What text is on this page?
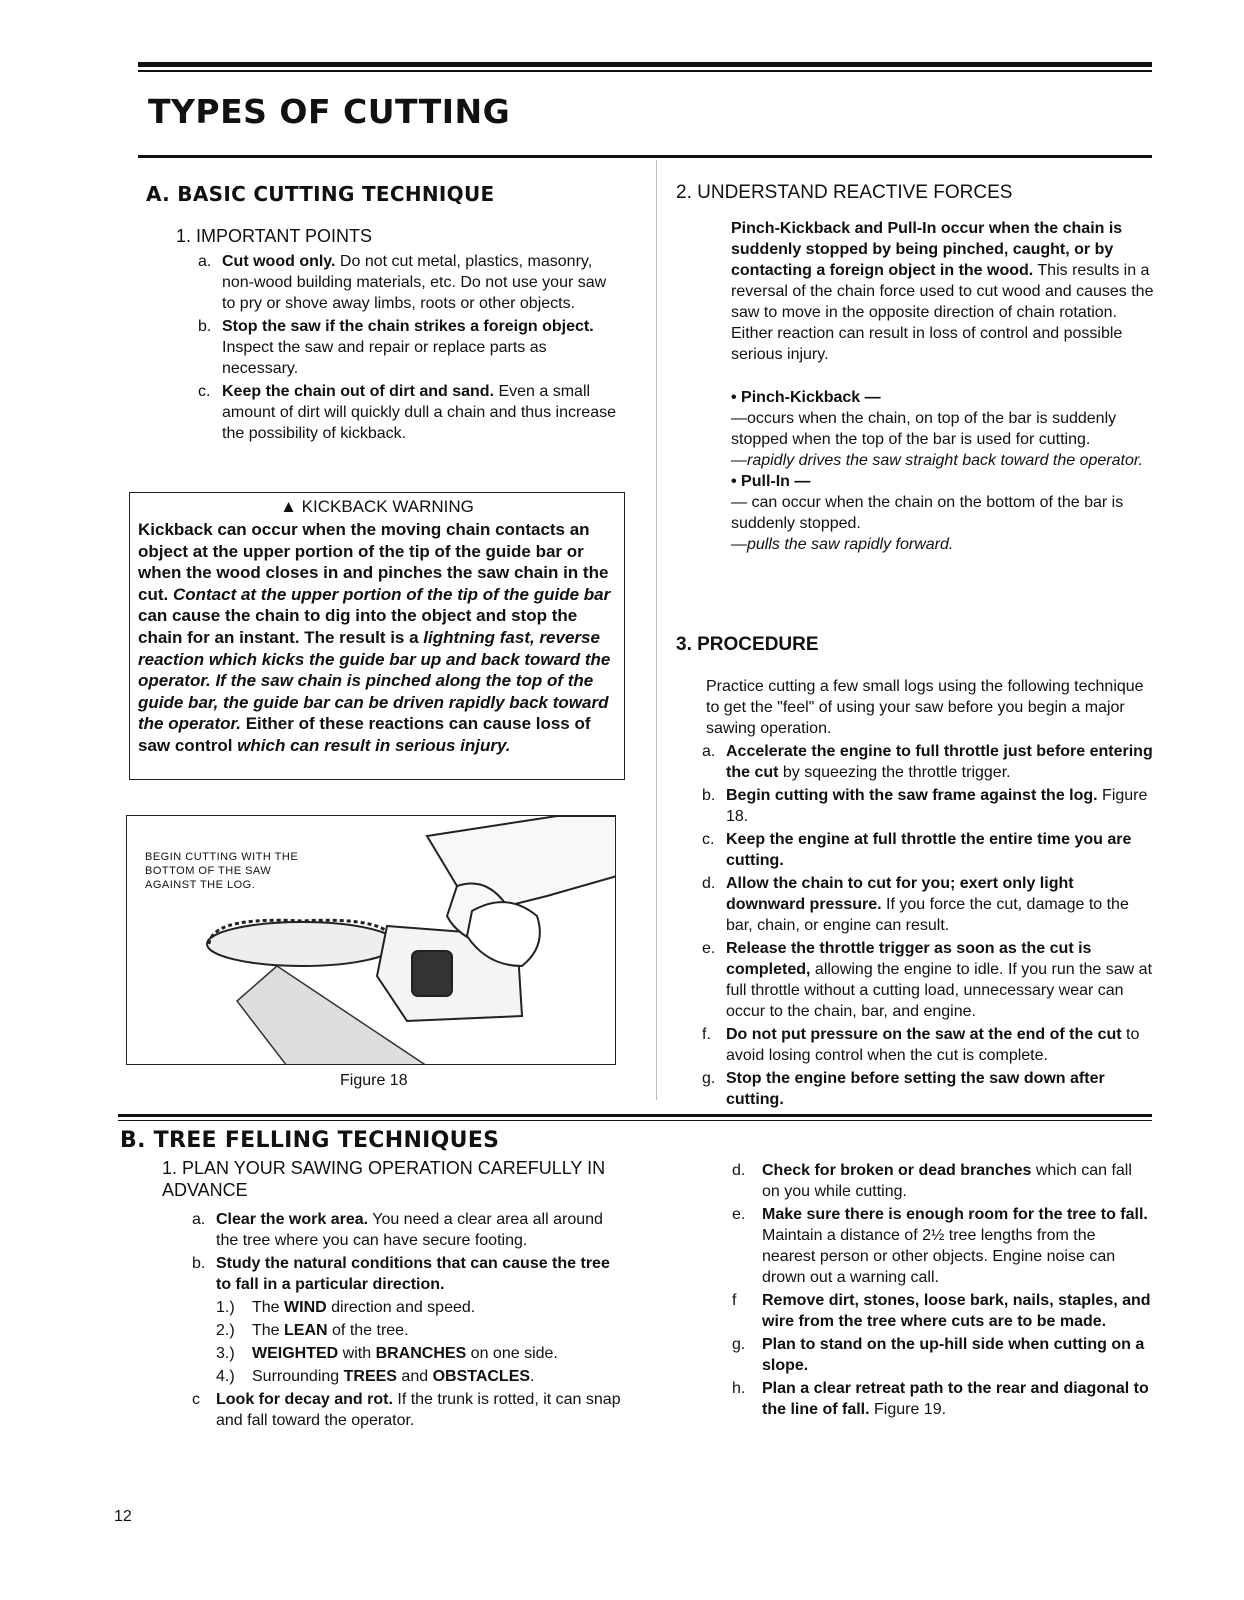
TYPES OF CUTTING

A. BASIC CUTTING TECHNIQUE

1. IMPORTANT POINTS

a. Cut wood only. Do not cut metal, plastics, masonry, non-wood building materials, etc. Do not use your saw to pry or shove away limbs, roots or other objects.
b. Stop the saw if the chain strikes a foreign object. Inspect the saw and repair or replace parts as necessary.
c. Keep the chain out of dirt and sand. Even a small amount of dirt will quickly dull a chain and thus increase the possibility of kickback.
▲ KICKBACK WARNING
Kickback can occur when the moving chain contacts an object at the upper portion of the tip of the guide bar or when the wood closes in and pinches the saw chain in the cut. Contact at the upper portion of the tip of the guide bar can cause the chain to dig into the object and stop the chain for an instant. The result is a lightning fast, reverse reaction which kicks the guide bar up and back toward the operator. If the saw chain is pinched along the top of the guide bar, the guide bar can be driven rapidly back toward the operator. Either of these reactions can cause loss of saw control which can result in serious injury.
BEGIN CUTTING WITH THE BOTTOM OF THE SAW AGAINST THE LOG.
Figure 18

2. UNDERSTAND REACTIVE FORCES

Pinch-Kickback and Pull-In occur when the chain is suddenly stopped by being pinched, caught, or by contacting a foreign object in the wood. This results in a reversal of the chain force used to cut wood and causes the saw to move in the opposite direction of chain rotation. Either reaction can result in loss of control and possible serious injury.

• Pinch-Kickback —

—occurs when the chain, on top of the bar is suddenly stopped when the top of the bar is used for cutting.

—rapidly drives the saw straight back toward the operator.

• Pull-In —

— can occur when the chain on the bottom of the bar is suddenly stopped.

—pulls the saw rapidly forward.

3. PROCEDURE

Practice cutting a few small logs using the following technique to get the "feel" of using your saw before you begin a major sawing operation.

a. Accelerate the engine to full throttle just before entering the cut by squeezing the throttle trigger.
b. Begin cutting with the saw frame against the log. Figure 18.
c. Keep the engine at full throttle the entire time you are cutting.
d. Allow the chain to cut for you; exert only light downward pressure. If you force the cut, damage to the bar, chain, or engine can result.
e. Release the throttle trigger as soon as the cut is completed, allowing the engine to idle. If you run the saw at full throttle without a cutting load, unnecessary wear can occur to the chain, bar, and engine.
f. Do not put pressure on the saw at the end of the cut to avoid losing control when the cut is complete.
g. Stop the engine before setting the saw down after cutting.

B. TREE FELLING TECHNIQUES

1. PLAN YOUR SAWING OPERATION CAREFULLY IN ADVANCE

a. Clear the work area. You need a clear area all around the tree where you can have secure footing.
b. Study the natural conditions that can cause the tree to fall in a particular direction.
1.)	The WIND direction and speed.
2.)	The LEAN of the tree.
3.)	WEIGHTED with BRANCHES on one side.
4.)	Surrounding TREES and OBSTACLES.
c	Look for decay and rot. If the trunk is rotted, it can snap and fall toward the operator.
d.	Check for broken or dead branches which can fall on you while cutting.
e.	Make sure there is enough room for the tree to fall. Maintain a distance of 2½ tree lengths from the nearest person or other objects. Engine noise can drown out a warning call.
f	Remove dirt, stones, loose bark, nails, staples, and wire from the tree where cuts are to be made.
g.	Plan to stand on the up-hill side when cutting on a slope.
h.	Plan a clear retreat path to the rear and diagonal to the line of fall. Figure 19.
12
